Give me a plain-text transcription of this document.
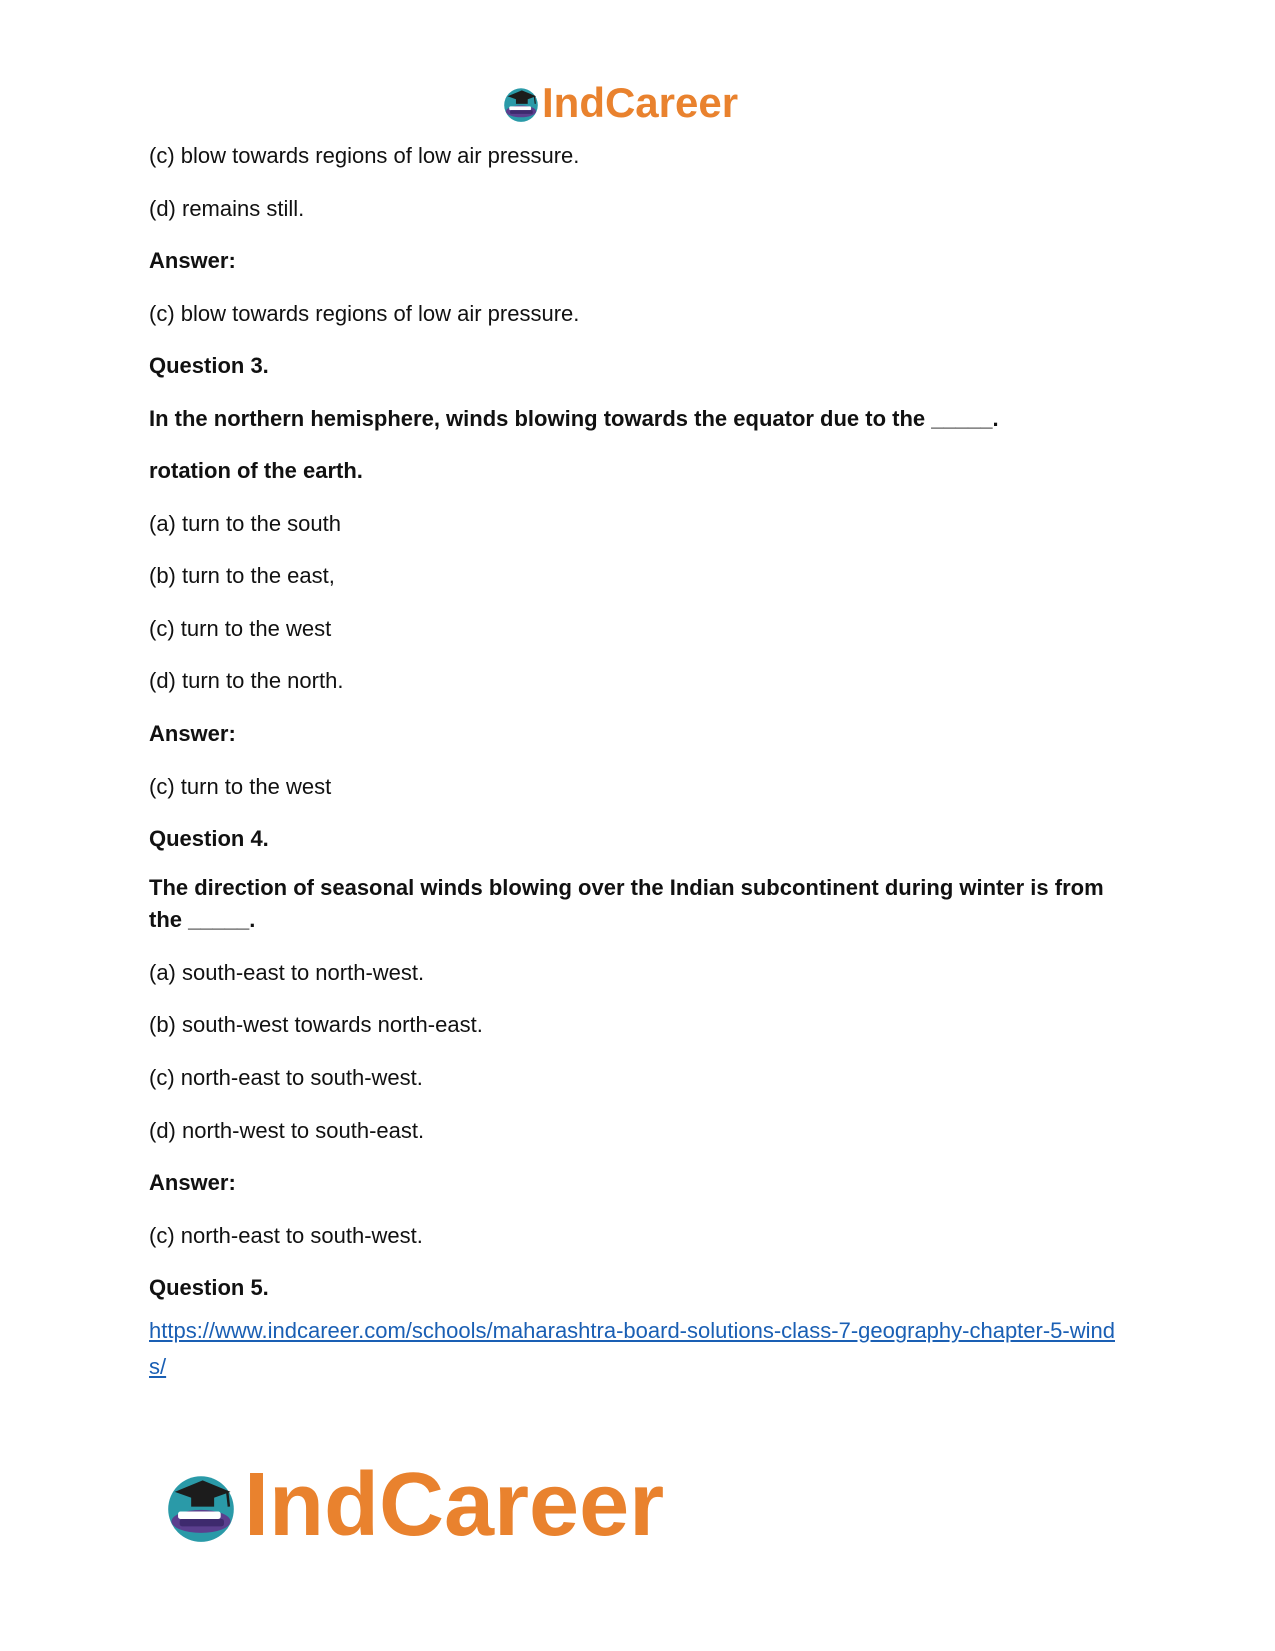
IndCareer
(c) blow towards regions of low air pressure.
(d) remains still.
Answer:
(c) blow towards regions of low air pressure.
Question 3.
In the northern hemisphere, winds blowing towards the equator due to the _____.
rotation of the earth.
(a) turn to the south
(b) turn to the east,
(c) turn to the west
(d) turn to the north.
Answer:
(c) turn to the west
Question 4.
The direction of seasonal winds blowing over the Indian subcontinent during winter is from the _____.
(a) south-east to north-west.
(b) south-west towards north-east.
(c) north-east to south-west.
(d) north-west to south-east.
Answer:
(c) north-east to south-west.
Question 5.
https://www.indcareer.com/schools/maharashtra-board-solutions-class-7-geography-chapter-5-winds/
IndCareer
